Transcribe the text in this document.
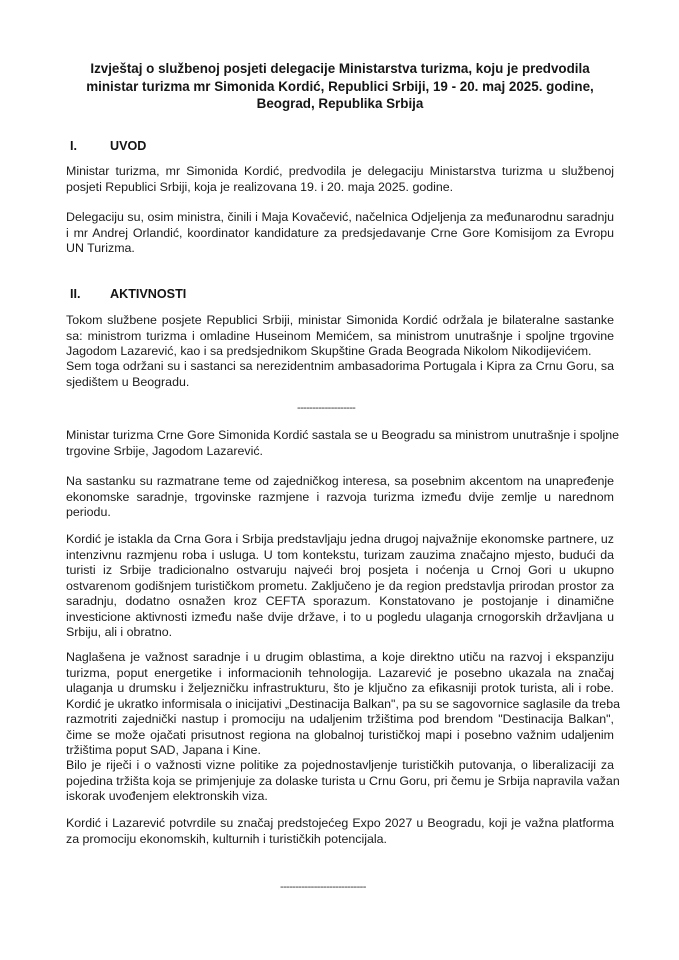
Izvještaj o službenoj posjeti delegacije Ministarstva turizma, koju je predvodila
ministar turizma mr Simonida Kordić, Republici Srbiji, 19 - 20. maj 2025. godine,
Beograd, Republika Srbija
I.	UVOD
Ministar turizma, mr Simonida Kordić, predvodila je delegaciju Ministarstva turizma u službenoj
posjeti Republici Srbiji, koja je realizovana 19. i 20. maja 2025. godine.
Delegaciju su, osim ministra, činili i Maja Kovačević, načelnica Odjeljenja za međunarodnu saradnju
i mr Andrej Orlandić, koordinator kandidature za predsjedavanje Crne Gore Komisijom za Evropu
UN Turizma.
II. AKTIVNOSTI
Tokom službene posjete Republici Srbiji, ministar Simonida Kordić održala je bilateralne sastanke
sa: ministrom turizma i omladine Huseinom Memićem, sa ministrom unutrašnje i spoljne trgovine
Jagodom Lazarević, kao i sa predsjednikom Skupštine Grada Beograda Nikolom Nikodijevićem.
Sem toga održani su i sastanci sa nerezidentnim ambasadorima Portugala i Kipra za Crnu Goru, sa
sjedištem u Beogradu.
-------------------
Ministar turizma Crne Gore Simonida Kordić sastala se u Beogradu sa ministrom unutrašnje i spoljne
trgovine Srbije, Jagodom Lazarević.
Na sastanku su razmatrane teme od zajedničkog interesa, sa posebnim akcentom na unapređenje
ekonomske saradnje, trgovinske razmjene i razvoja turizma između dvije zemlje u narednom
periodu.
Kordić je istakla da Crna Gora i Srbija predstavljaju jedna drugoj najvažnije ekonomske partnere, uz
intenzivnu razmjenu roba i usluga. U tom kontekstu, turizam zauzima značajno mjesto, budući da
turisti iz Srbije tradicionalno ostvaruju najveći broj posjeta i noćenja u Crnoj Gori u ukupno
ostvarenom godišnjem turističkom prometu. Zaključeno je da region predstavlja prirodan prostor za
saradnju, dodatno osnažen kroz CEFTA sporazum. Konstatovano je postojanje i dinamične
investicione aktivnosti između naše dvije države, i to u pogledu ulaganja crnogorskih državljana u
Srbiju, ali i obratno.
Naglašena je važnost saradnje i u drugim oblastima, a koje direktno utiču na razvoj i ekspanziju
turizma, poput energetike i informacionih tehnologija. Lazarević je posebno ukazala na značaj
ulaganja u drumsku i željezničku infrastrukturu, što je ključno za efikasniji protok turista, ali i robe.
Kordić je ukratko informisala o inicijativi „Destinacija Balkan", pa su se sagovornice saglasile da treba
razmotriti zajednički nastup i promociju na udaljenim tržištima pod brendom "Destinacija Balkan",
čime se može ojačati prisutnost regiona na globalnoj turističkoj mapi i posebno važnim udaljenim
tržištima poput SAD, Japana i Kine.
Bilo je riječi i o važnosti vizne politike za pojednostavljenje turističkih putovanja, o liberalizaciji za
pojedina tržišta koja se primjenjuje za dolaske turista u Crnu Goru, pri čemu je Srbija napravila važan
iskorak uvođenjem elektronskih viza.
Kordić i Lazarević potvrdile su značaj predstojećeg Expo 2027 u Beogradu, koji je važna platforma
za promociju ekonomskih, kulturnih i turističkih potencijala.
----------------------------
